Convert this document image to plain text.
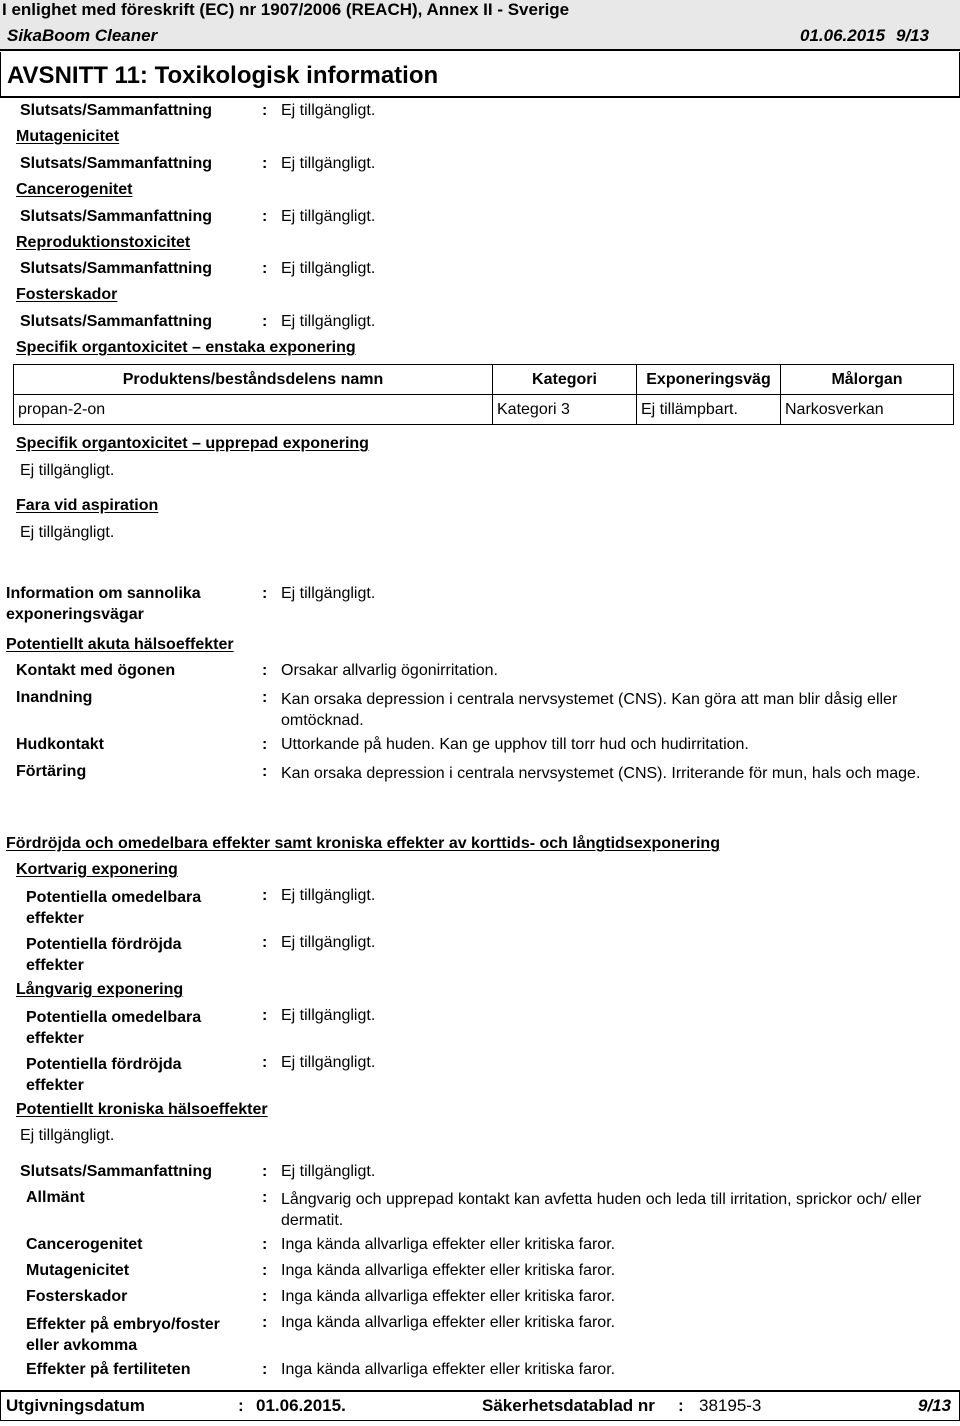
I enlighet med föreskrift (EC) nr 1907/2006 (REACH), Annex II - Sverige
SikaBoom Cleaner	01.06.2015 9/13
AVSNITT 11: Toxikologisk information
Slutsats/Sammanfattning	: Ej tillgängligt.
Mutagenicitet
Slutsats/Sammanfattning	: Ej tillgängligt.
Cancerogenitet
Slutsats/Sammanfattning	: Ej tillgängligt.
Reproduktionstoxicitet
Slutsats/Sammanfattning	: Ej tillgängligt.
Fosterskador
Slutsats/Sammanfattning	: Ej tillgängligt.
Specifik organtoxicitet – enstaka exponering
Produktens/beståndsdelens namn	Kategori	Exponeringsväg	Målorgan
propan-2-on	Kategori 3	Ej tillämpbart.	Narkosverkan
Specifik organtoxicitet – upprepad exponering
Ej tillgängligt.
Fara vid aspiration
Ej tillgängligt.
Information om sannolika
exponeringsvägar
: Ej tillgängligt.
Potentiellt akuta hälsoeffekter
Kontakt med ögonen	: Orsakar allvarlig ögonirritation.
Inandning	: Kan orsaka depression i centrala nervsystemet (CNS). Kan göra att man blir dåsig eller omtöcknad.
Hudkontakt	: Uttorkande på huden. Kan ge upphov till torr hud och hudirritation.
Förtäring	: Kan orsaka depression i centrala nervsystemet (CNS). Irriterande för mun, hals och mage.
Fördröjda och omedelbara effekter samt kroniska effekter av korttids- och långtidsexponering
Kortvarig exponering
Potentiella omedelbara effekter
: Ej tillgängligt.
Potentiella fördröjda effekter
: Ej tillgängligt.
Långvarig exponering
Potentiella omedelbara effekter
: Ej tillgängligt.
Potentiella fördröjda effekter
: Ej tillgängligt.
Potentiellt kroniska hälsoeffekter
Ej tillgängligt.
Slutsats/Sammanfattning	: Ej tillgängligt.
Allmänt	: Långvarig och upprepad kontakt kan avfetta huden och leda till irritation, sprickor och/ eller dermatit.
Cancerogenitet	: Inga kända allvarliga effekter eller kritiska faror.
Mutagenicitet	: Inga kända allvarliga effekter eller kritiska faror.
Fosterskador	: Inga kända allvarliga effekter eller kritiska faror.
Effekter på embryo/foster eller avkomma
: Inga kända allvarliga effekter eller kritiska faror.
Effekter på fertiliteten	: Inga kända allvarliga effekter eller kritiska faror.
Utgivningsdatum	: 01.06.2015.	Säkerhetsdatablad nr : 38195-3	9/13
